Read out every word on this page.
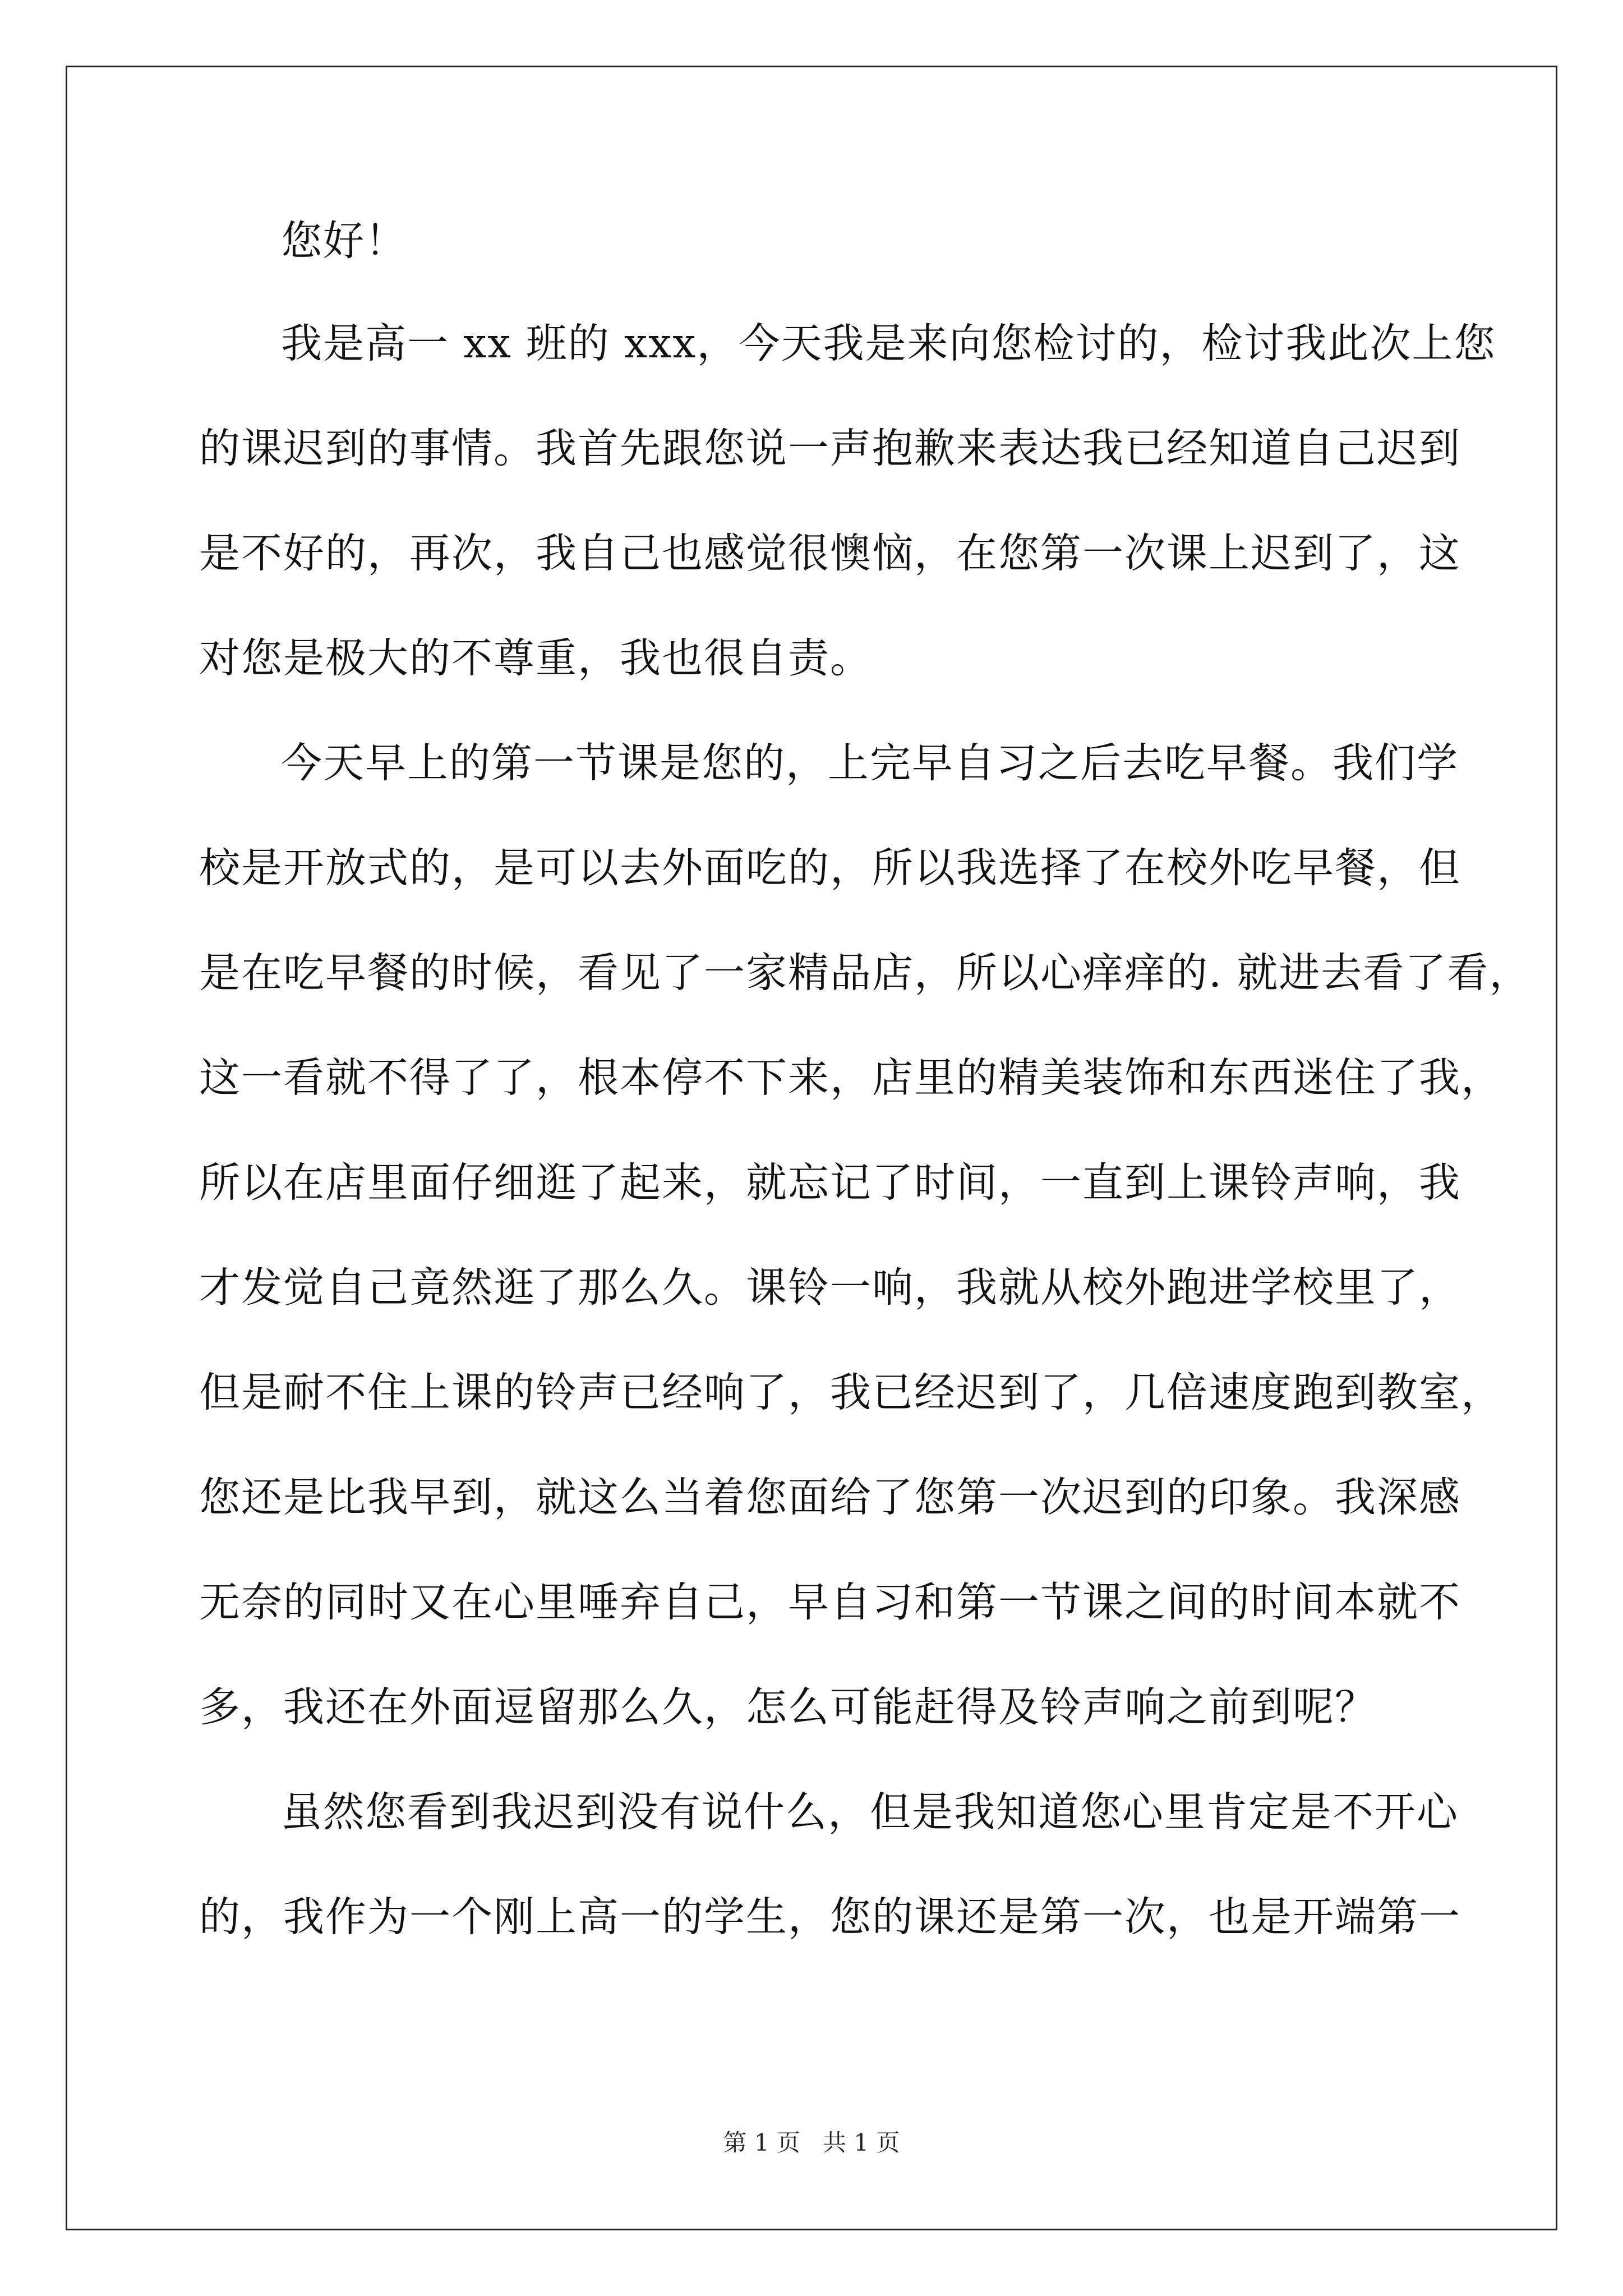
您好！
我是高一 xx 班的 xxx，今天我是来向您检讨的，检讨我此次上您
的课迟到的事情。我首先跟您说一声抱歉来表达我已经知道自己迟到
是不好的，再次，我自己也感觉很懊恼，在您第一次课上迟到了，这
对您是极大的不尊重，我也很自责。
今天早上的第一节课是您的，上完早自习之后去吃早餐。我们学
校是开放式的，是可以去外面吃的，所以我选择了在校外吃早餐，但
是在吃早餐的时候，看见了一家精品店，所以心痒痒的. 就进去看了看，
这一看就不得了了，根本停不下来，店里的精美装饰和东西迷住了我，
所以在店里面仔细逛了起来，就忘记了时间，一直到上课铃声响，我
才发觉自己竟然逛了那么久。课铃一响，我就从校外跑进学校里了，
但是耐不住上课的铃声已经响了，我已经迟到了，几倍速度跑到教室，
您还是比我早到，就这么当着您面给了您第一次迟到的印象。我深感
无奈的同时又在心里唾弃自己，早自习和第一节课之间的时间本就不
多，我还在外面逗留那么久，怎么可能赶得及铃声响之前到呢？
虽然您看到我迟到没有说什么，但是我知道您心里肯定是不开心
的，我作为一个刚上高一的学生，您的课还是第一次，也是开端第一
第 1 页 共 1 页
